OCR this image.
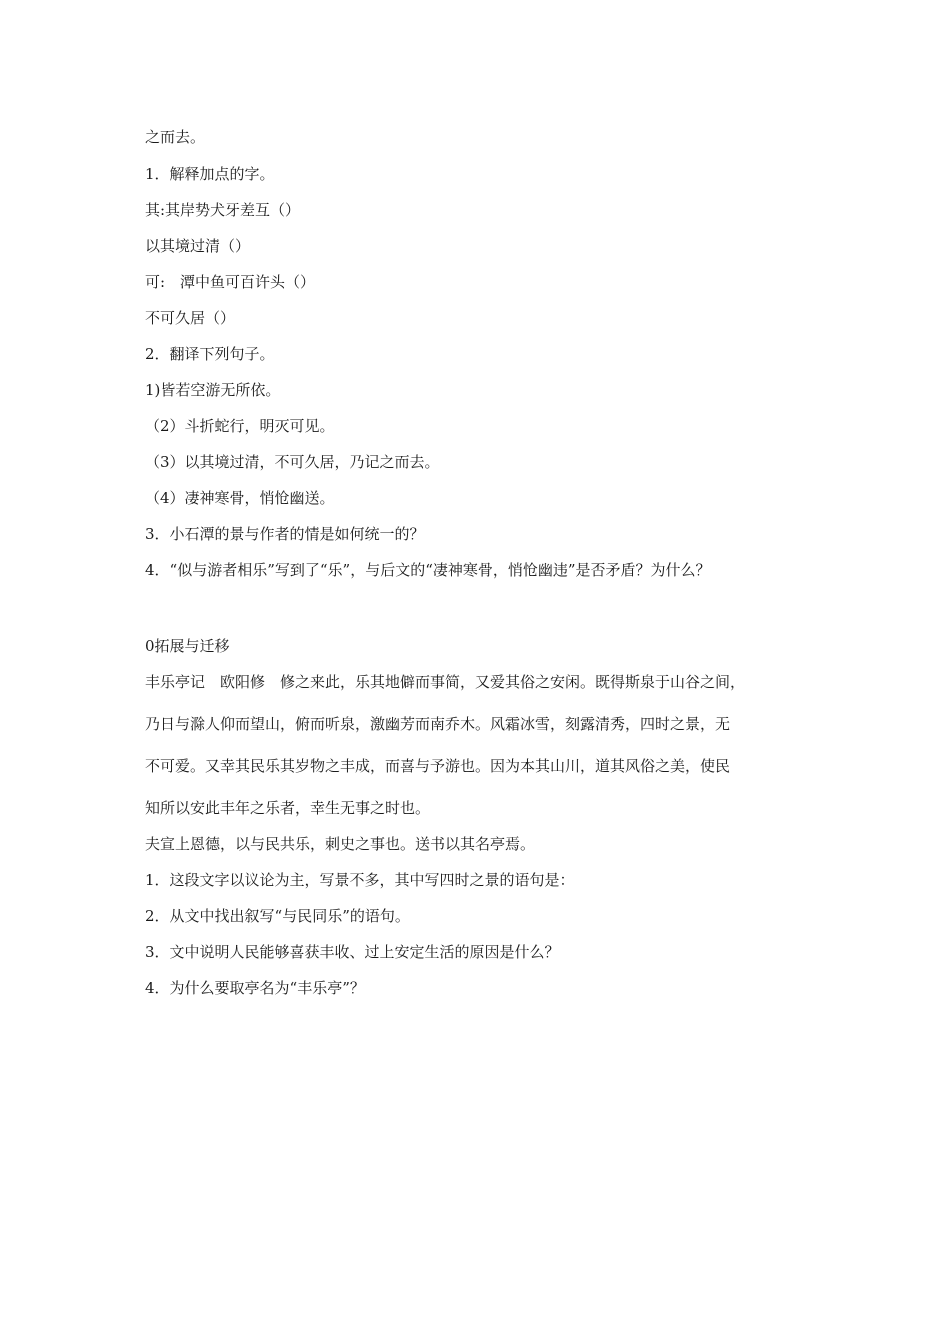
之而去。
1．解释加点的字。
其:其岸势犬牙差互（）
以其境过清（）
可:　潭中鱼可百许头（）
不可久居（）
2．翻译下列句子。
1)皆若空游无所依。
（2）斗折蛇行，明灭可见。
（3）以其境过清，不可久居，乃记之而去。
（4）凄神寒骨，悄怆幽送。
3．小石潭的景与作者的情是如何统一的？
4．“似与游者相乐”写到了“乐”，与后文的“凄神寒骨，悄怆幽违”是否矛盾？为什么？
0拓展与迁移
丰乐亭记　欧阳修　修之来此，乐其地僻而事简，又爱其俗之安闲。既得斯泉于山谷之间，
乃日与滁人仰而望山，俯而听泉，激幽芳而南乔木。风霜冰雪，刻露清秀，四时之景，无
不可爱。又幸其民乐其岁物之丰成，而喜与予游也。因为本其山川，道其风俗之美，使民
知所以安此丰年之乐者，幸生无事之时也。
夫宣上恩德，以与民共乐，刺史之事也。送书以其名亭焉。
1．这段文字以议论为主，写景不多，其中写四时之景的语句是：
2．从文中找出叙写“与民同乐”的语句。
3．文中说明人民能够喜获丰收、过上安定生活的原因是什么？
4．为什么要取亭名为“丰乐亭”？
